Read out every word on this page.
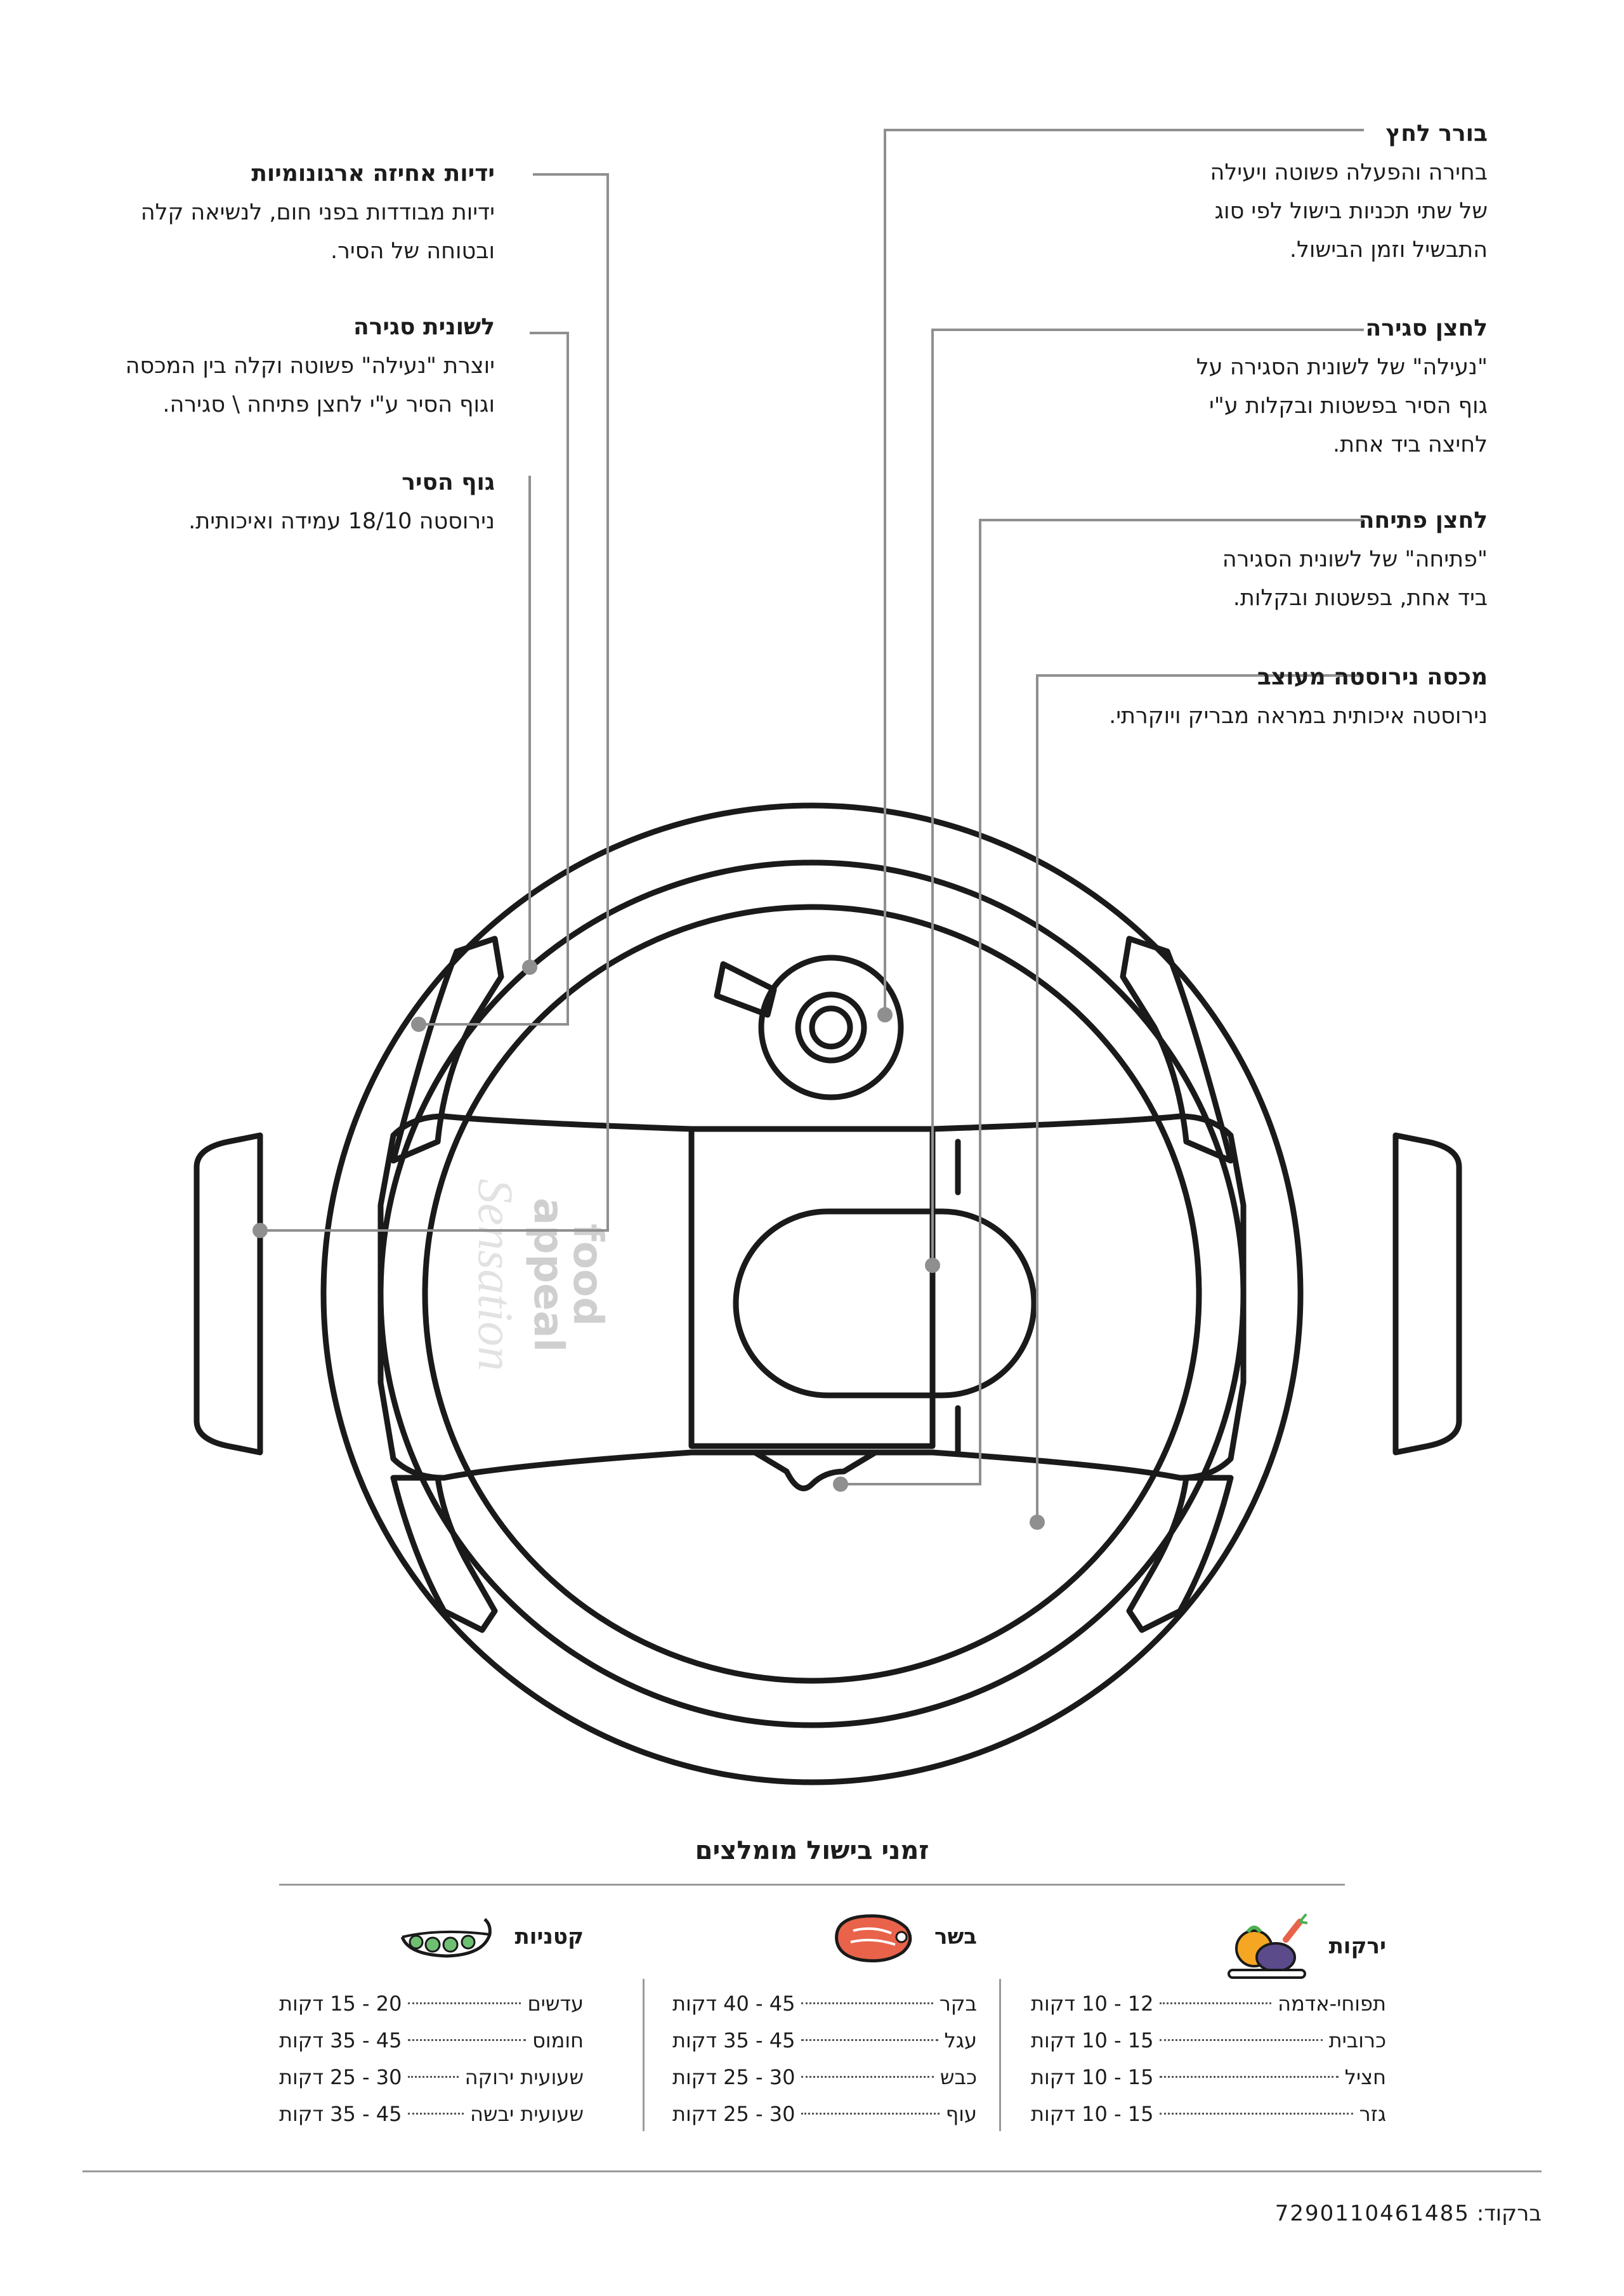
food
appeal
Sensation
בורר לחץ
בחירה והפעלה פשוטה ויעילה
של שתי תכניות בישול לפי סוג
התבשיל וזמן הבישול.
לחצן סגירה
"נעילה" של לשונית הסגירה על
גוף הסיר בפשטות ובקלות ע"י
לחיצה ביד אחת.
לחצן פתיחה
"פתיחה" של לשונית הסגירה
ביד אחת, בפשטות ובקלות.
מכסה נירוסטה מעוצב
נירוסטה איכותית במראה מבריק ויוקרתי.
ידיות אחיזה ארגונומיות
ידיות מבודדות בפני חום, לנשיאה קלה
ובטוחה של הסיר.
לשונית סגירה
יוצרת "נעילה" פשוטה וקלה בין המכסה
וגוף הסיר ע"י לחצן פתיחה \ סגירה.
גוף הסיר
נירוסטה 18/10 עמידה ואיכותית.
זמני בישול מומלצים
ירקות
תפוחי-אדמה
12 - 10 דקות
כרובית
15 - 10 דקות
חציל
15 - 10 דקות
גזר
15 - 10 דקות
בשר
בקר
45 - 40 דקות
עגל
45 - 35 דקות
כבש
30 - 25 דקות
עוף
30 - 25 דקות
קטניות
עדשים
20 - 15 דקות
חומוס
45 - 35 דקות
שעועית ירוקה
30 - 25 דקות
שעועית יבשה
45 - 35 דקות
ברקוד: 7290110461485
